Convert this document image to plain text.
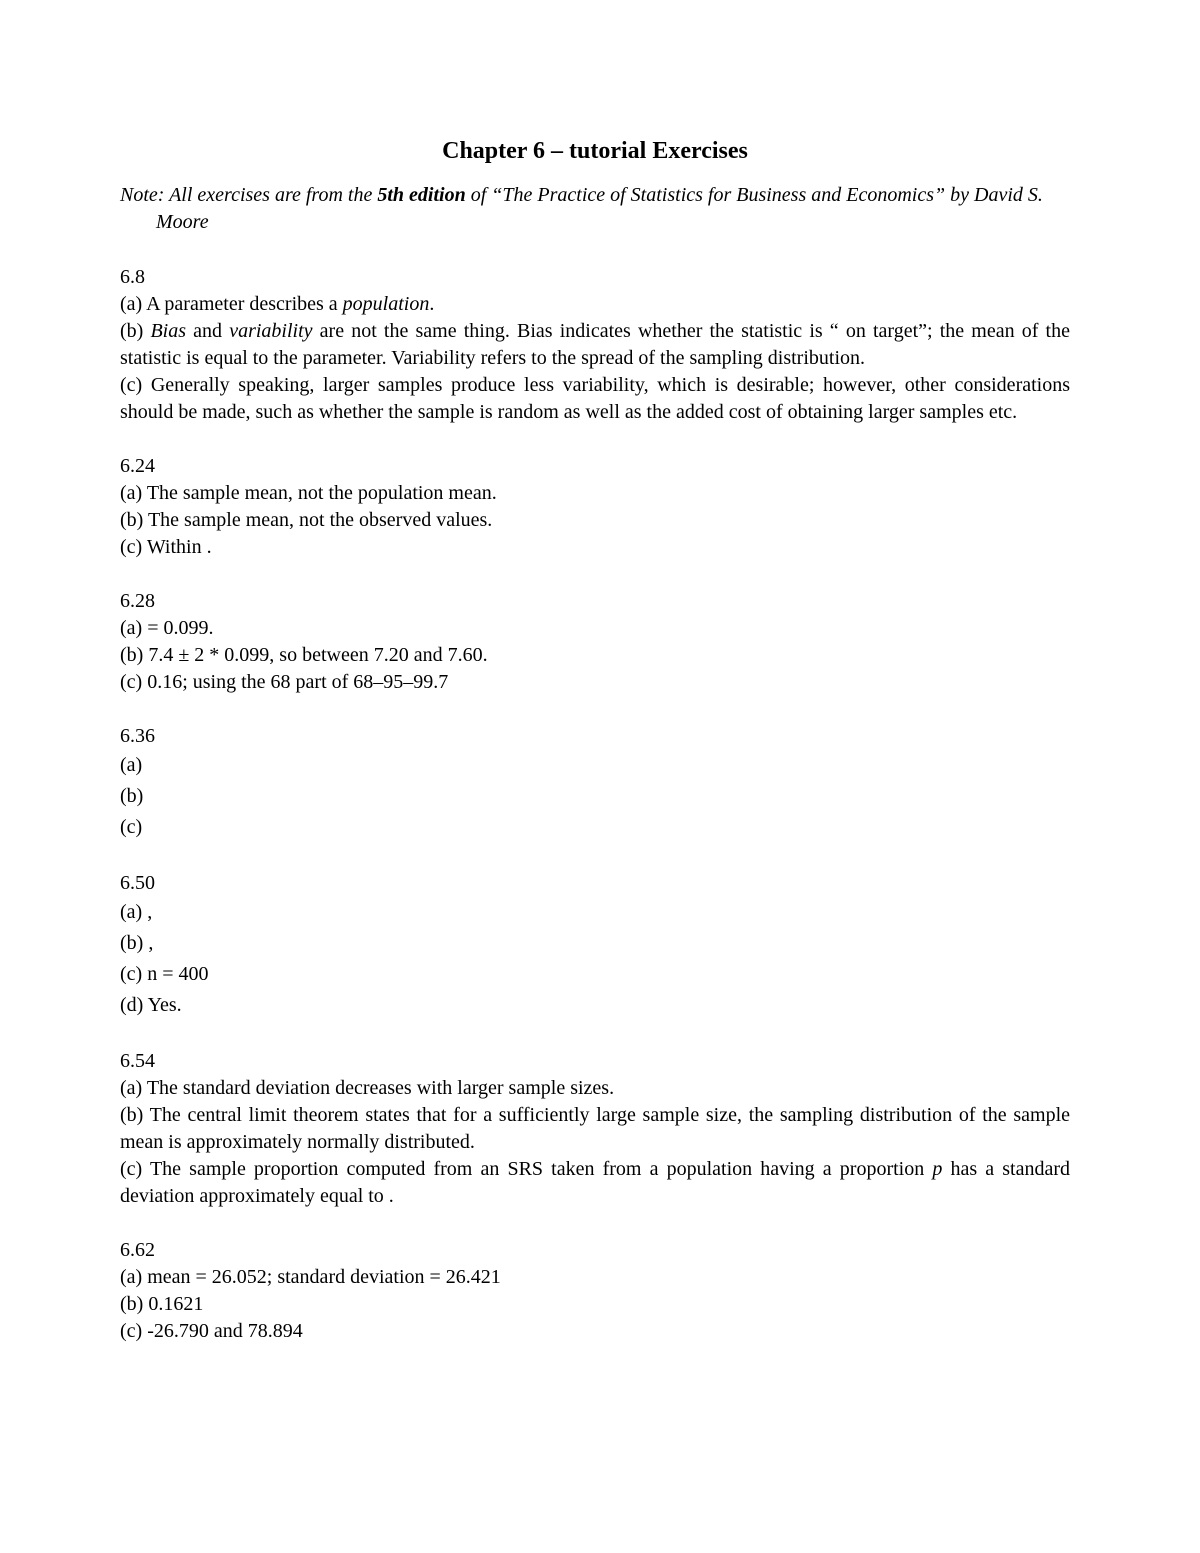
Chapter 6 – tutorial Exercises

Note: All exercises are from the 5th edition of “The Practice of Statistics for Business and Economics” by David S. Moore

6.8
(a) A parameter describes a population.
(b) Bias and variability are not the same thing. Bias indicates whether the statistic is “ on target”; the mean of the statistic is equal to the parameter. Variability refers to the spread of the sampling distribution.
(c) Generally speaking, larger samples produce less variability, which is desirable; however, other considerations should be made, such as whether the sample is random as well as the added cost of obtaining larger samples etc.
6.24
(a) The sample mean, not the population mean.
(b) The sample mean, not the observed values.
(c) Within .
6.28
(a) = 0.099.
(b) 7.4 ± 2 * 0.099, so between 7.20 and 7.60.
(c) 0.16; using the 68 part of 68–95–99.7
6.36
(a)
(b)
(c)
6.50
(a) ,
(b) ,
(c) n = 400
(d) Yes.
6.54
(a) The standard deviation decreases with larger sample sizes.
(b) The central limit theorem states that for a sufficiently large sample size, the sampling distribution of the sample mean is approximately normally distributed.
(c) The sample proportion computed from an SRS taken from a population having a proportion p has a standard deviation approximately equal to .
6.62
(a) mean = 26.052; standard deviation = 26.421
(b) 0.1621
(c) -26.790 and 78.894
